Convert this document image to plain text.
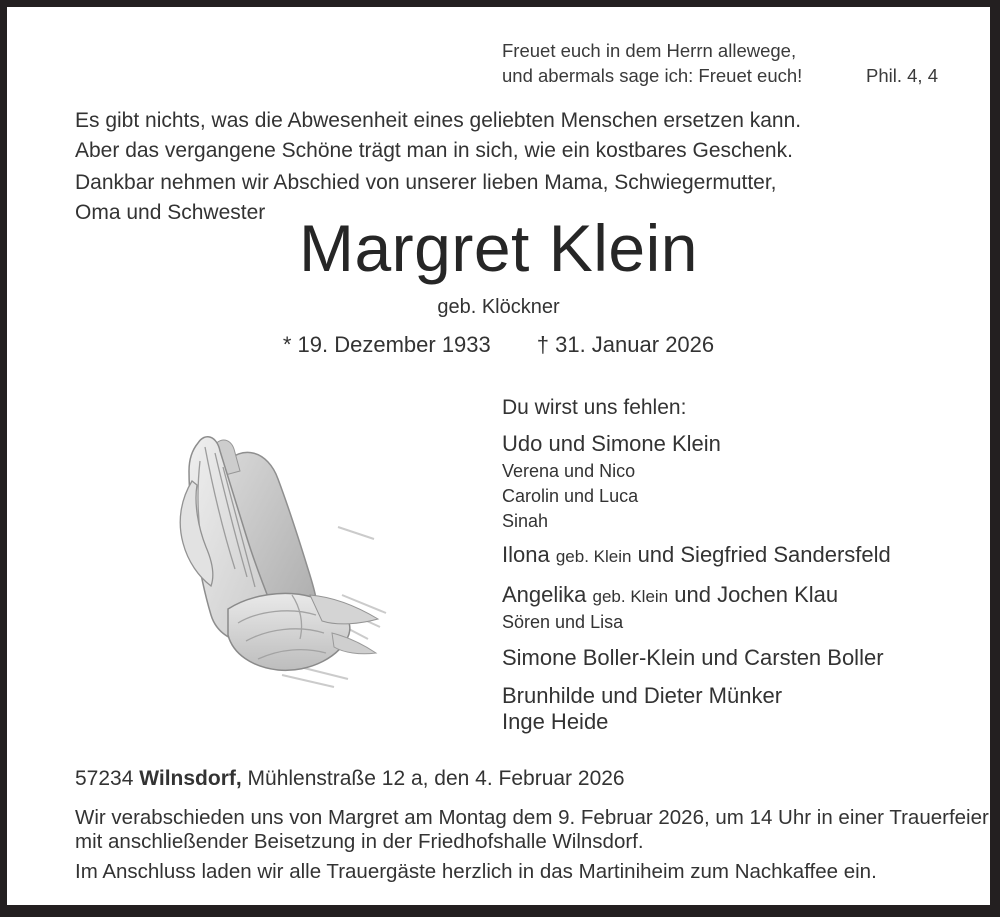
Freuet euch in dem Herrn allewege,
und abermals sage ich: Freuet euch!	Phil. 4, 4
Es gibt nichts, was die Abwesenheit eines geliebten Menschen ersetzen kann.
Aber das vergangene Schöne trägt man in sich, wie ein kostbares Geschenk.
Dankbar nehmen wir Abschied von unserer lieben Mama, Schwiegermutter,
Oma und Schwester Margret Klein
geb. Klöckner
* 19. Dezember 1933 † 31. Januar 2026
Du wirst uns fehlen:
Udo und Simone Klein
Verena und Nico
Carolin und Luca
Sinah
Ilona geb. Klein und Siegfried Sandersfeld
Angelika geb. Klein und Jochen Klau
Sören und Lisa
Simone Boller-Klein und Carsten Boller
Brunhilde und Dieter Münker
Inge Heide
57234 Wilnsdorf, Mühlenstraße 12 a, den 4. Februar 2026
Wir verabschieden uns von Margret am Montag dem 9. Februar 2026, um 14 Uhr in einer Trauerfeier
mit anschließender Beisetzung in der Friedhofshalle Wilnsdorf.
Im Anschluss laden wir alle Trauergäste herzlich in das Martiniheim zum Nachkaffee ein.
